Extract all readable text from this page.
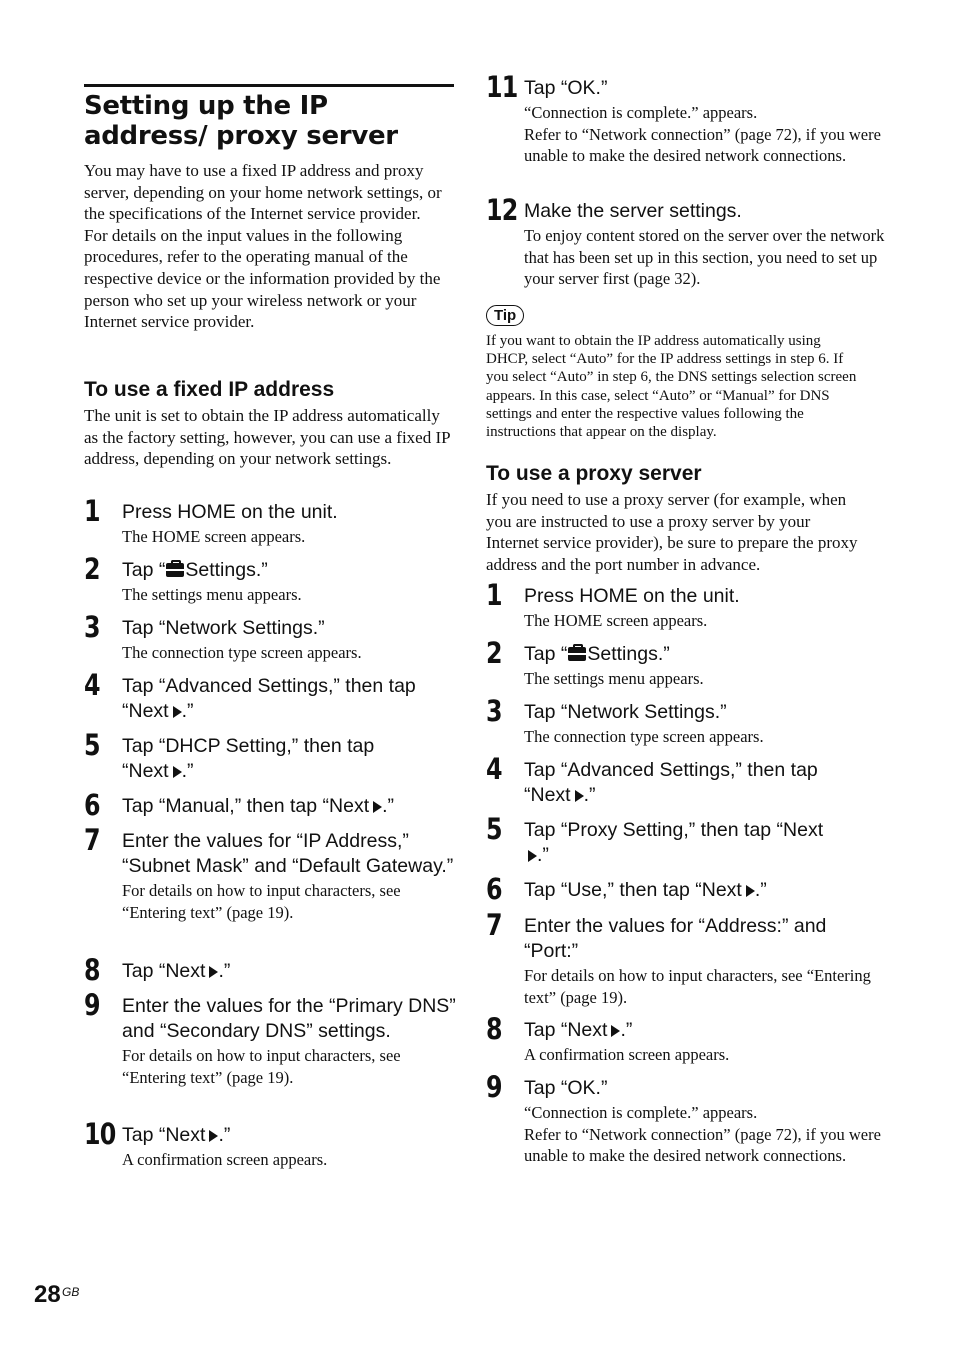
Setting up the IP address/ proxy server

You may have to use a fixed IP address and proxy server, depending on your home network settings, or the specifications of the Internet service provider.

For details on the input values in the following procedures, refer to the operating manual of the respective device or the information provided by the person who set up your wireless network or your Internet service provider.

To use a fixed IP address

The unit is set to obtain the IP address automatically as the factory setting, however, you can use a fixed IP address, depending on your network settings.

1 Press HOME on the unit.

The HOME screen appears.

2 Tap “ Settings.”

The settings menu appears.

3 Tap “Network Settings.”

The connection type screen appears.

4 Tap “Advanced Settings,” then tap “Next .”

5 Tap “DHCP Setting,” then tap “Next .”

6 Tap “Manual,” then tap “Next .”

7 Enter the values for “IP Address,” “Subnet Mask” and “Default Gateway.”

For details on how to input characters, see “Entering text” (page 19).

8 Tap “Next .”

9 Enter the values for the “Primary DNS” and “Secondary DNS” settings.

For details on how to input characters, see “Entering text” (page 19).

10 Tap “Next .”

A confirmation screen appears.

11 Tap “OK.”

“Connection is complete.” appears.

Refer to “Network connection” (page 72), if you were unable to make the desired network connections.

12 Make the server settings.

To enjoy content stored on the server over the network that has been set up in this section, you need to set up your server first (page 32).

Tip

If you want to obtain the IP address automatically using DHCP, select “Auto” for the IP address settings in step 6. If you select “Auto” in step 6, the DNS settings selection screen appears. In this case, select “Auto” or “Manual” for DNS settings and enter the respective values following the instructions that appear on the display.

To use a proxy server

If you need to use a proxy server (for example, when you are instructed to use a proxy server by your Internet service provider), be sure to prepare the proxy address and the port number in advance.

1 Press HOME on the unit.

The HOME screen appears.

2 Tap “ Settings.”

The settings menu appears.

3 Tap “Network Settings.”

The connection type screen appears.

4 Tap “Advanced Settings,” then tap “Next .”

5 Tap “Proxy Setting,” then tap “Next.”

6 Tap “Use,” then tap “Next .”

7 Enter the values for “Address:” and “Port:”

For details on how to input characters, see “Entering text” (page 19).

8 Tap “Next .”

A confirmation screen appears.

9 Tap “OK.”

“Connection is complete.” appears.

Refer to “Network connection” (page 72), if you were unable to make the desired network connections.

28 GB
